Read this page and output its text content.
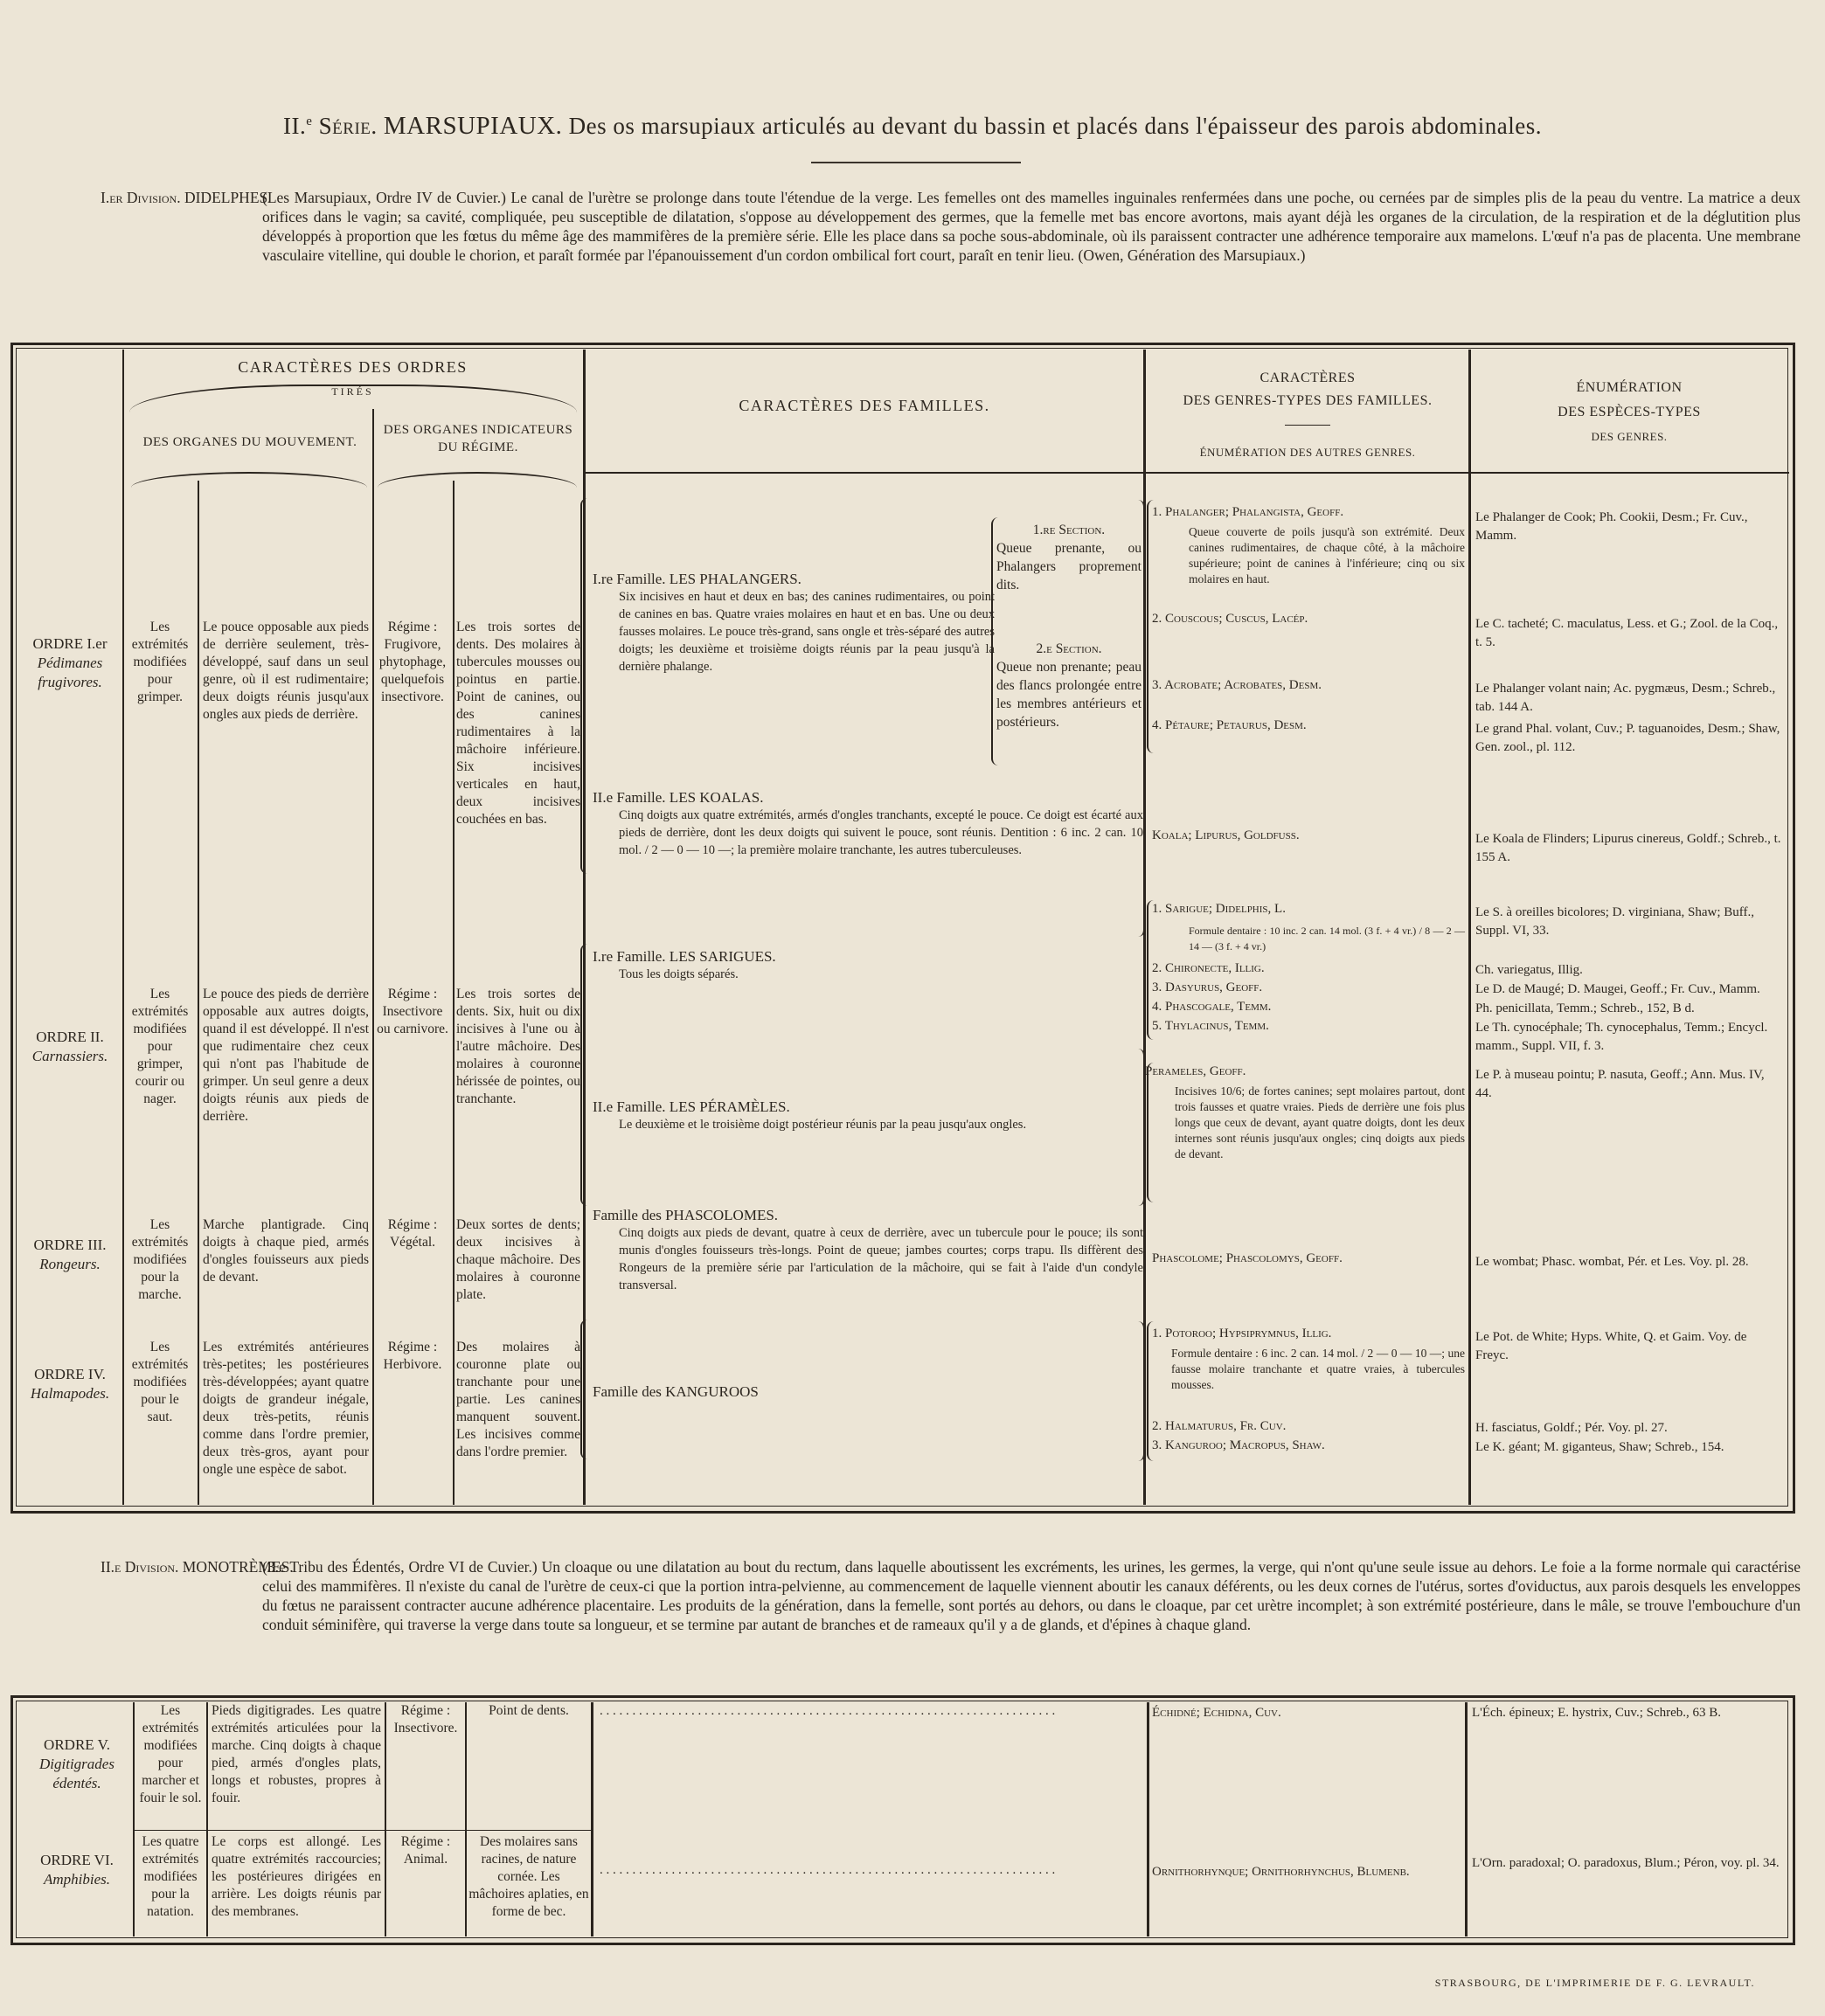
II.$^e$ Série. MARSUPIAUX. Des os marsupiaux articulés au devant du bassin et placés dans l'épaisseur des parois abdominales.
I.er Division. DIDELPHES.
(Les Marsupiaux, Ordre IV de Cuvier.) Le canal de l'urètre se prolonge dans toute l'étendue de la verge. Les femelles ont des mamelles inguinales renfermées dans une poche, ou cernées par de simples plis de la peau du ventre. La matrice a deux orifices dans le vagin; sa cavité, compliquée, peu susceptible de dilatation, s'oppose au développement des germes, que la femelle met bas encore avortons, mais ayant déjà les organes de la circulation, de la respiration et de la déglutition plus développés à proportion que les fœtus du même âge des mammifères de la première série. Elle les place dans sa poche sous-abdominale, où ils paraissent contracter une adhérence temporaire aux mamelons. L'œuf n'a pas de placenta. Une membrane vasculaire vitelline, qui double le chorion, et paraît formée par l'épanouissement d'un cordon ombilical fort court, paraît en tenir lieu. (Owen, Génération des Marsupiaux.)
CARACTÈRES DES ORDRES
TIRÉS
DES ORGANES DU MOUVEMENT.
DES ORGANES INDICATEURS
DU RÉGIME.
CARACTÈRES DES FAMILLES.
CARACTÈRES
DES GENRES-TYPES DES FAMILLES.
ÉNUMÉRATION DES AUTRES GENRES.
ÉNUMÉRATION
DES ESPÈCES-TYPES
DES GENRES.
ORDRE I.er
Pédimanes frugivores.
Les extrémités modifiées pour grimper.
Le pouce opposable aux pieds de derrière seulement, très-développé, sauf dans un seul genre, où il est rudimentaire; deux doigts réunis jusqu'aux ongles aux pieds de derrière.
Régime : Frugivore, phytophage, quelquefois insectivore.
Les trois sortes de dents. Des molaires à tubercules mousses ou pointus en partie. Point de canines, ou des canines rudimentaires à la mâchoire inférieure. Six incisives verticales en haut, deux incisives couchées en bas.
ORDRE II.
Carnassiers.
Les extrémités modifiées pour grimper, courir ou nager.
Le pouce des pieds de derrière opposable aux autres doigts, quand il est développé. Il n'est que rudimentaire chez ceux qui n'ont pas l'habitude de grimper. Un seul genre a deux doigts réunis aux pieds de derrière.
Régime : Insectivore ou carnivore.
Les trois sortes de dents. Six, huit ou dix incisives à l'une ou à l'autre mâchoire. Des molaires à couronne hérissée de pointes, ou tranchante.
ORDRE III.
Rongeurs.
Les extrémités modifiées pour la marche.
Marche plantigrade. Cinq doigts à chaque pied, armés d'ongles fouisseurs aux pieds de devant.
Régime : Végétal.
Deux sortes de dents; deux incisives à chaque mâchoire. Des molaires à couronne plate.
ORDRE IV.
Halmapodes.
Les extrémités modifiées pour le saut.
Les extrémités antérieures très-petites; les postérieures très-développées; ayant quatre doigts de grandeur inégale, deux très-petits, réunis comme dans l'ordre premier, deux très-gros, ayant pour ongle une espèce de sabot.
Régime : Herbivore.
Des molaires à couronne plate ou tranchante pour une partie. Les canines manquent souvent. Les incisives comme dans l'ordre premier.
I.re Famille. LES PHALANGERS.
Six incisives en haut et deux en bas; des canines rudimentaires, ou point de canines en bas. Quatre vraies molaires en haut et en bas. Une ou deux fausses molaires. Le pouce très-grand, sans ongle et très-séparé des autres doigts; les deuxième et troisième doigts réunis par la peau jusqu'à la dernière phalange.
II.e Famille. LES KOALAS.
Cinq doigts aux quatre extrémités, armés d'ongles tranchants, excepté le pouce. Ce doigt est écarté aux pieds de derrière, dont les deux doigts qui suivent le pouce, sont réunis. Dentition : 6 inc. 2 can. 10 mol. / 2 — 0 — 10 —; la première molaire tranchante, les autres tuberculeuses.
I.re Famille. LES SARIGUES.
Tous les doigts séparés.
II.e Famille. LES PÉRAMÈLES.
Le deuxième et le troisième doigt postérieur réunis par la peau jusqu'aux ongles.
Famille des PHASCOLOMES.
Cinq doigts aux pieds de devant, quatre à ceux de derrière, avec un tubercule pour le pouce; ils sont munis d'ongles fouisseurs très-longs. Point de queue; jambes courtes; corps trapu. Ils diffèrent des Rongeurs de la première série par l'articulation de la mâchoire, qui se fait à l'aide d'un condyle transversal.
Famille des KANGUROOS
1.re Section.
Queue prenante, ou Phalangers proprement dits.
2.e Section.
Queue non prenante; peau des flancs prolongée entre les membres antérieurs et postérieurs.
1. Phalanger; Phalangista, Geoff.
Queue couverte de poils jusqu'à son extrémité. Deux canines rudimentaires, de chaque côté, à la mâchoire supérieure; point de canines à l'inférieure; cinq ou six molaires en haut.
2. Couscous; Cuscus, Lacép.
3. Acrobate; Acrobates, Desm.
4. Pétaure; Petaurus, Desm.
Koala; Lipurus, Goldfuss.
1. Sarigue; Didelphis, L.
Formule dentaire : 10 inc. 2 can. 14 mol. (3 f. + 4 vr.) / 8 — 2 — 14 — (3 f. + 4 vr.)
2. Chironecte, Illig.
3. Dasyurus, Geoff.
4. Phascogale, Temm.
5. Thylacinus, Temm.
Perameles, Geoff.
Incisives 10/6; de fortes canines; sept molaires partout, dont trois fausses et quatre vraies. Pieds de derrière une fois plus longs que ceux de devant, ayant quatre doigts, dont les deux internes sont réunis jusqu'aux ongles; cinq doigts aux pieds de devant.
Phascolome; Phascolomys, Geoff.
1. Potoroo; Hypsiprymnus, Illig.
Formule dentaire : 6 inc. 2 can. 14 mol. / 2 — 0 — 10 —; une fausse molaire tranchante et quatre vraies, à tubercules mousses.
2. Halmaturus, Fr. Cuv.
3. Kanguroo; Macropus, Shaw.
Le Phalanger de Cook; Ph. Cookii, Desm.; Fr. Cuv., Mamm.
Le C. tacheté; C. maculatus, Less. et G.; Zool. de la Coq., t. 5.
Le Phalanger volant nain; Ac. pygmæus, Desm.; Schreb., tab. 144 A.
Le grand Phal. volant, Cuv.; P. taguanoides, Desm.; Shaw, Gen. zool., pl. 112.
Le Koala de Flinders; Lipurus cinereus, Goldf.; Schreb., t. 155 A.
Le S. à oreilles bicolores; D. virginiana, Shaw; Buff., Suppl. VI, 33.
Ch. variegatus, Illig.
Le D. de Maugé; D. Maugei, Geoff.; Fr. Cuv., Mamm.
Ph. penicillata, Temm.; Schreb., 152, B d.
Le Th. cynocéphale; Th. cynocephalus, Temm.; Encycl. mamm., Suppl. VII, f. 3.
Le P. à museau pointu; P. nasuta, Geoff.; Ann. Mus. IV, 44.
Le wombat; Phasc. wombat, Pér. et Les. Voy. pl. 28.
Le Pot. de White; Hyps. White, Q. et Gaim. Voy. de Freyc.
H. fasciatus, Goldf.; Pér. Voy. pl. 27.
Le K. géant; M. giganteus, Shaw; Schreb., 154.
II.e Division. MONOTRÈMES.
(3.e Tribu des Édentés, Ordre VI de Cuvier.) Un cloaque ou une dilatation au bout du rectum, dans laquelle aboutissent les excréments, les urines, les germes, la verge, qui n'ont qu'une seule issue au dehors. Le foie a la forme normale qui caractérise celui des mammifères. Il n'existe du canal de l'urètre de ceux-ci que la portion intra-pelvienne, au commencement de laquelle viennent aboutir les canaux déférents, ou les deux cornes de l'utérus, sortes d'oviductus, aux parois desquels les enveloppes du fœtus ne paraissent contracter aucune adhérence placentaire. Les produits de la génération, dans la femelle, sont portés au dehors, ou dans le cloaque, par cet urètre incomplet; à son extrémité postérieure, dans le mâle, se trouve l'embouchure d'un conduit séminifère, qui traverse la verge dans toute sa longueur, et se termine par autant de branches et de rameaux qu'il y a de glands, et d'épines à chaque gland.
ORDRE V.
Digitigrades édentés.
Les extrémités modifiées pour marcher et fouir le sol.
Pieds digitigrades. Les quatre extrémités articulées pour la marche. Cinq doigts à chaque pied, armés d'ongles plats, longs et robustes, propres à fouir.
Régime : Insectivore.
Point de dents.
. . .	Échidné; Echidna, Cuv.	L'Éch. épineux; E. hystrix, Cuv.; Schreb., 63 B.
ORDRE VI.
Amphibies.
Les quatre extrémités modifiées pour la natation.
Le corps est allongé. Les quatre extrémités raccourcies; les postérieures dirigées en arrière. Les doigts réunis par des membranes.
Régime : Animal.
Des molaires sans racines, de nature cornée. Les mâchoires aplaties, en forme de bec.
. . .
Ornithorhynque; Ornithorhynchus, Blumenb.
L'Orn. paradoxal; O. paradoxus, Blum.; Péron, voy. pl. 34.
STRASBOURG, DE L'IMPRIMERIE DE F. G. LEVRAULT.
